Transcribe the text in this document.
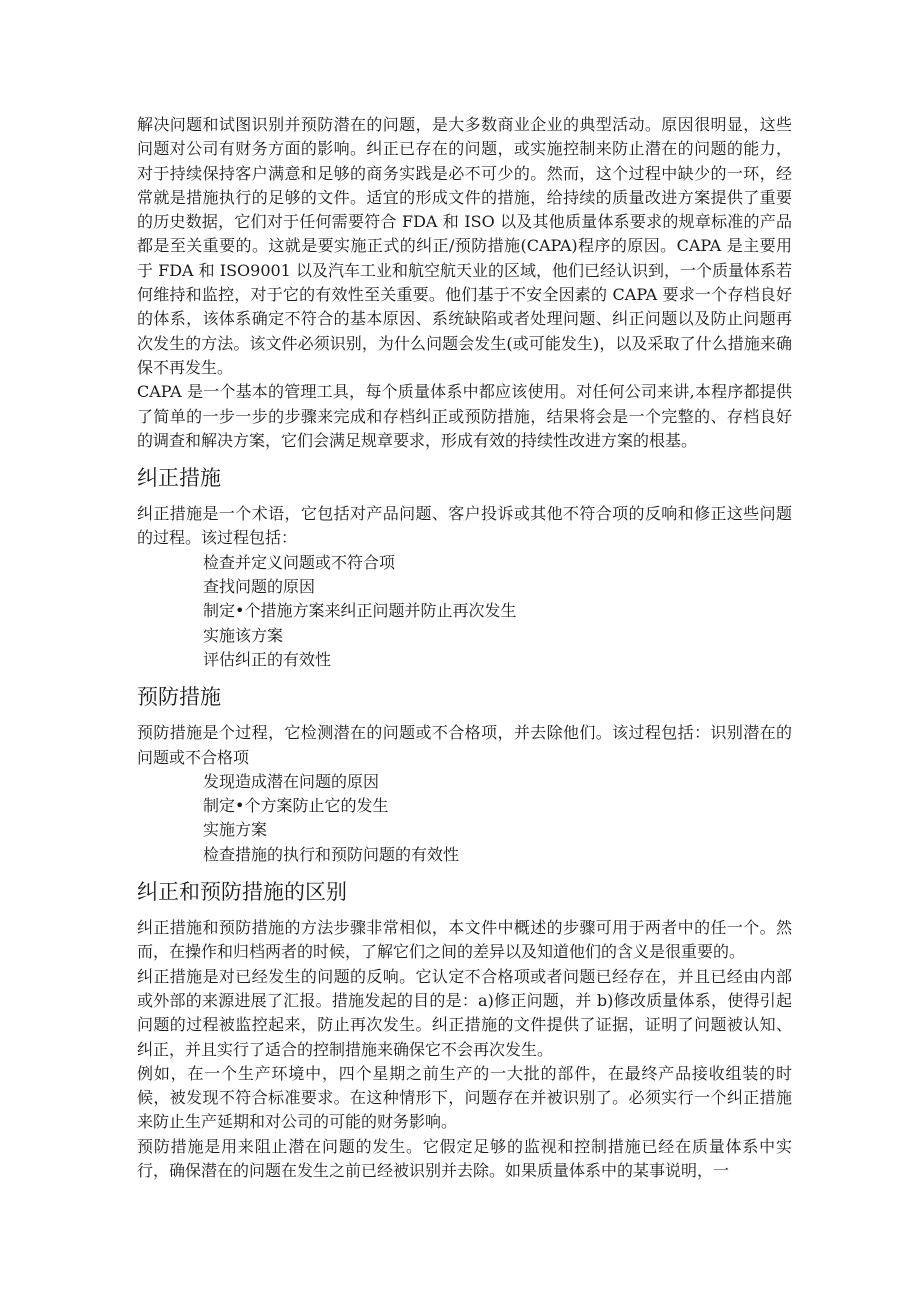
解决问题和试图识别并预防潜在的问题，是大多数商业企业的典型活动。原因很明显，这些问题对公司有财务方面的影响。纠正已存在的问题，或实施控制来防止潜在的问题的能力，对于持续保持客户满意和足够的商务实践是必不可少的。然而，这个过程中缺少的一环，经常就是措施执行的足够的文件。适宜的形成文件的措施，给持续的质量改进方案提供了重要的历史数据，它们对于任何需要符合 FDA 和 ISO 以及其他质量体系要求的规章标准的产品都是至关重要的。这就是要实施正式的纠正/预防措施(CAPA)程序的原因。CAPA 是主要用于 FDA 和 ISO9001 以及汽车工业和航空航天业的区域，他们已经认识到，一个质量体系若何维持和监控，对于它的有效性至关重要。他们基于不安全因素的 CAPA 要求一个存档良好的体系，该体系确定不符合的基本原因、系统缺陷或者处理问题、纠正问题以及防止问题再次发生的方法。该文件必须识别，为什么问题会发生(或可能发生)，以及采取了什么措施来确保不再发生。

CAPA 是一个基本的管理工具，每个质量体系中都应该使用。对任何公司来讲,本程序都提供了简单的一步一步的步骤来完成和存档纠正或预防措施，结果将会是一个完整的、存档良好的调查和解决方案，它们会满足规章要求，形成有效的持续性改进方案的根基。

纠正措施

纠正措施是一个术语，它包括对产品问题、客户投诉或其他不符合项的反响和修正这些问题的过程。该过程包括：

检查并定义问题或不符合项
查找问题的原因
制定•个措施方案来纠正问题并防止再次发生
实施该方案
评估纠正的有效性
预防措施

预防措施是个过程，它检测潜在的问题或不合格项，并去除他们。该过程包括：识别潜在的问题或不合格项

发现造成潜在问题的原因
制定•个方案防止它的发生
实施方案
检查措施的执行和预防问题的有效性
纠正和预防措施的区别

纠正措施和预防措施的方法步骤非常相似，本文件中概述的步骤可用于两者中的任一个。然而，在操作和归档两者的时候，了解它们之间的差异以及知道他们的含义是很重要的。

纠正措施是对已经发生的问题的反响。它认定不合格项或者问题已经存在，并且已经由内部或外部的来源进展了汇报。措施发起的目的是：a)修正问题，并 b)修改质量体系，使得引起问题的过程被监控起来，防止再次发生。纠正措施的文件提供了证据，证明了问题被认知、纠正，并且实行了适合的控制措施来确保它不会再次发生。

例如，在一个生产环境中，四个星期之前生产的一大批的部件，在最终产品接收组装的时候，被发现不符合标准要求。在这种情形下，问题存在并被识别了。必须实行一个纠正措施来防止生产延期和对公司的可能的财务影响。

预防措施是用来阻止潜在问题的发生。它假定足够的监视和控制措施已经在质量体系中实行，确保潜在的问题在发生之前已经被识别并去除。如果质量体系中的某事说明，一
